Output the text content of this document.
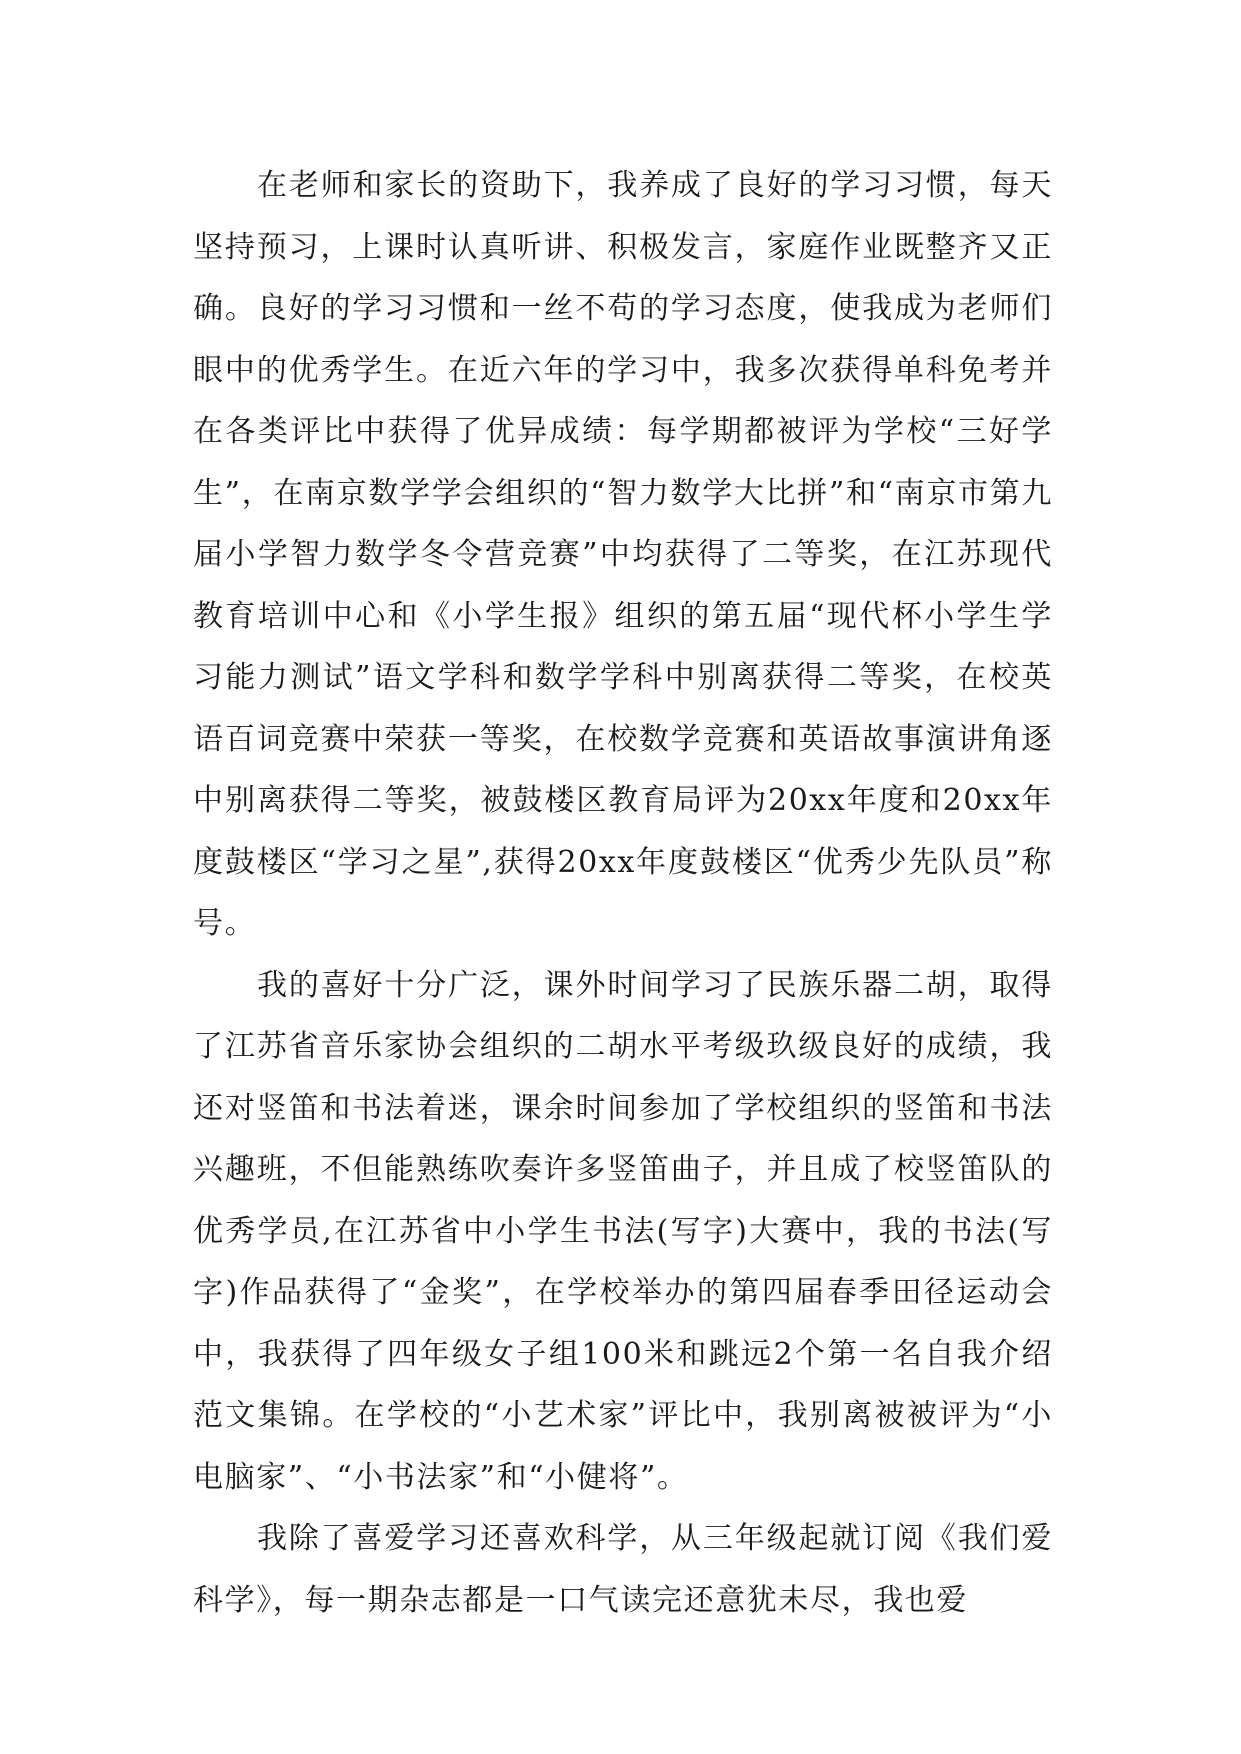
在老师和家长的资助下，我养成了良好的学习习惯，每天坚持预习，上课时认真听讲、积极发言，家庭作业既整齐又正确。良好的学习习惯和一丝不苟的学习态度，使我成为老师们眼中的优秀学生。在近六年的学习中，我多次获得单科免考并在各类评比中获得了优异成绩：每学期都被评为学校“三好学生”，在南京数学学会组织的“智力数学大比拼”和“南京市第九届小学智力数学冬令营竞赛”中均获得了二等奖，在江苏现代教育培训中心和《小学生报》组织的第五届“现代杯小学生学习能力测试”语文学科和数学学科中别离获得二等奖，在校英语百词竞赛中荣获一等奖，在校数学竞赛和英语故事演讲角逐中别离获得二等奖，被鼓楼区教育局评为20xx年度和20xx年度鼓楼区“学习之星”,获得20xx年度鼓楼区“优秀少先队员”称号。

我的喜好十分广泛，课外时间学习了民族乐器二胡，取得了江苏省音乐家协会组织的二胡水平考级玖级良好的成绩，我还对竖笛和书法着迷，课余时间参加了学校组织的竖笛和书法兴趣班，不但能熟练吹奏许多竖笛曲子，并且成了校竖笛队的优秀学员,在江苏省中小学生书法(写字)大赛中，我的书法(写字)作品获得了“金奖”，在学校举办的第四届春季田径运动会中，我获得了四年级女子组100米和跳远2个第一名自我介绍范文集锦。在学校的“小艺术家”评比中，我别离被被评为“小电脑家”、“小书法家”和“小健将”。

我除了喜爱学习还喜欢科学，从三年级起就订阅《我们爱科学》，每一期杂志都是一口气读完还意犹未尽，我也爱
